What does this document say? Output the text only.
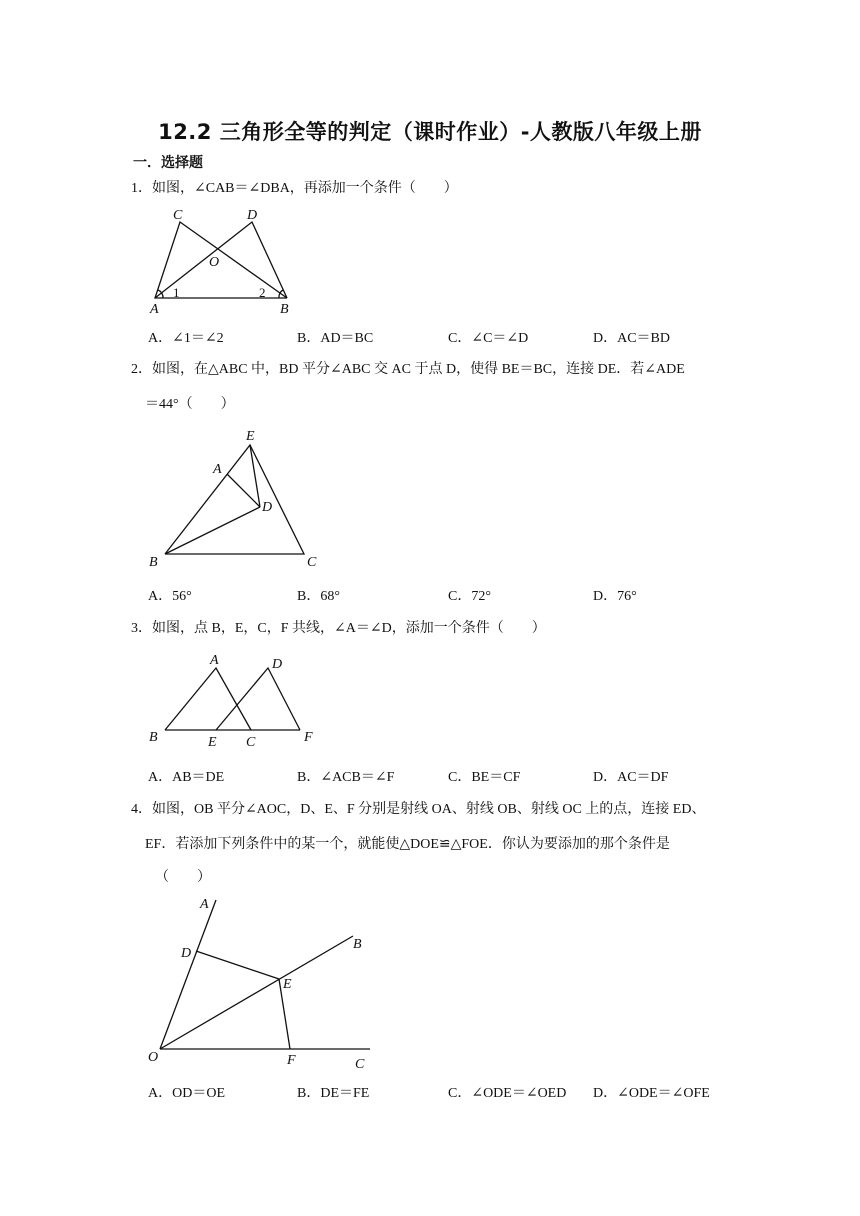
12.2 三角形全等的判定（课时作业）-人教版八年级上册
一．选择题
1．如图，∠CAB＝∠DBA，再添加一个条件（　　）
C	D
O
A	B
1	2
A．∠1＝∠2	B．AD＝BC	C．∠C＝∠D	D．AC＝BD
2．如图，在△ABC 中，BD 平分∠ABC 交 AC 于点 D，使得 BE＝BC，连接 DE．若∠ADE
＝44°（　　）
E
A
D
B	C
A．56°	B．68°	C．72°	D．76°
3．如图，点 B，E，C，F 共线，∠A＝∠D，添加一个条件（　　）
A	D
B	E C	F
A．AB＝DE	B．∠ACB＝∠F	C．BE＝CF	D．AC＝DF
4．如图，OB 平分∠AOC，D、E、F 分别是射线 OA、射线 OB、射线 OC 上的点，连接 ED、
EF．若添加下列条件中的某一个，就能使△DOE≌△FOE．你认为要添加的那个条件是
（　　）
A
D
B
E
O	F	C
A．OD＝OE	B．DE＝FE	C．∠ODE＝∠OED D．∠ODE＝∠OFE
